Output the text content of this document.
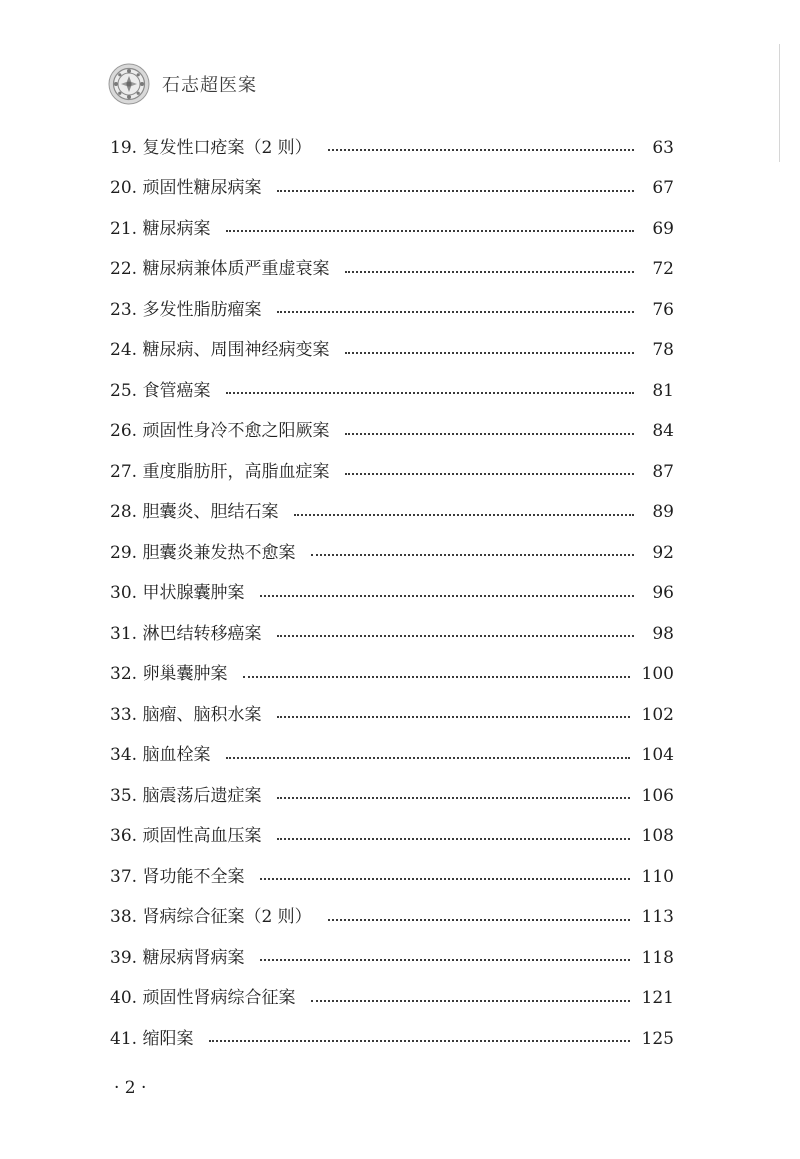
石志超医案
19. 复发性口疮案（2 则）	63
20. 顽固性糖尿病案	67
21. 糖尿病案	69
22. 糖尿病兼体质严重虚衰案	72
23. 多发性脂肪瘤案	76
24. 糖尿病、周围神经病变案	78
25. 食管癌案	81
26. 顽固性身冷不愈之阳厥案	84
27. 重度脂肪肝，高脂血症案	87
28. 胆囊炎、胆结石案	89
29. 胆囊炎兼发热不愈案	92
30. 甲状腺囊肿案	96
31. 淋巴结转移癌案	98
32. 卵巢囊肿案	100
33. 脑瘤、脑积水案	102
34. 脑血栓案	104
35. 脑震荡后遗症案	106
36. 顽固性高血压案	108
37. 肾功能不全案	110
38. 肾病综合征案（2 则）	113
39. 糖尿病肾病案	118
40. 顽固性肾病综合征案	121
41. 缩阳案	125
· 2 ·
